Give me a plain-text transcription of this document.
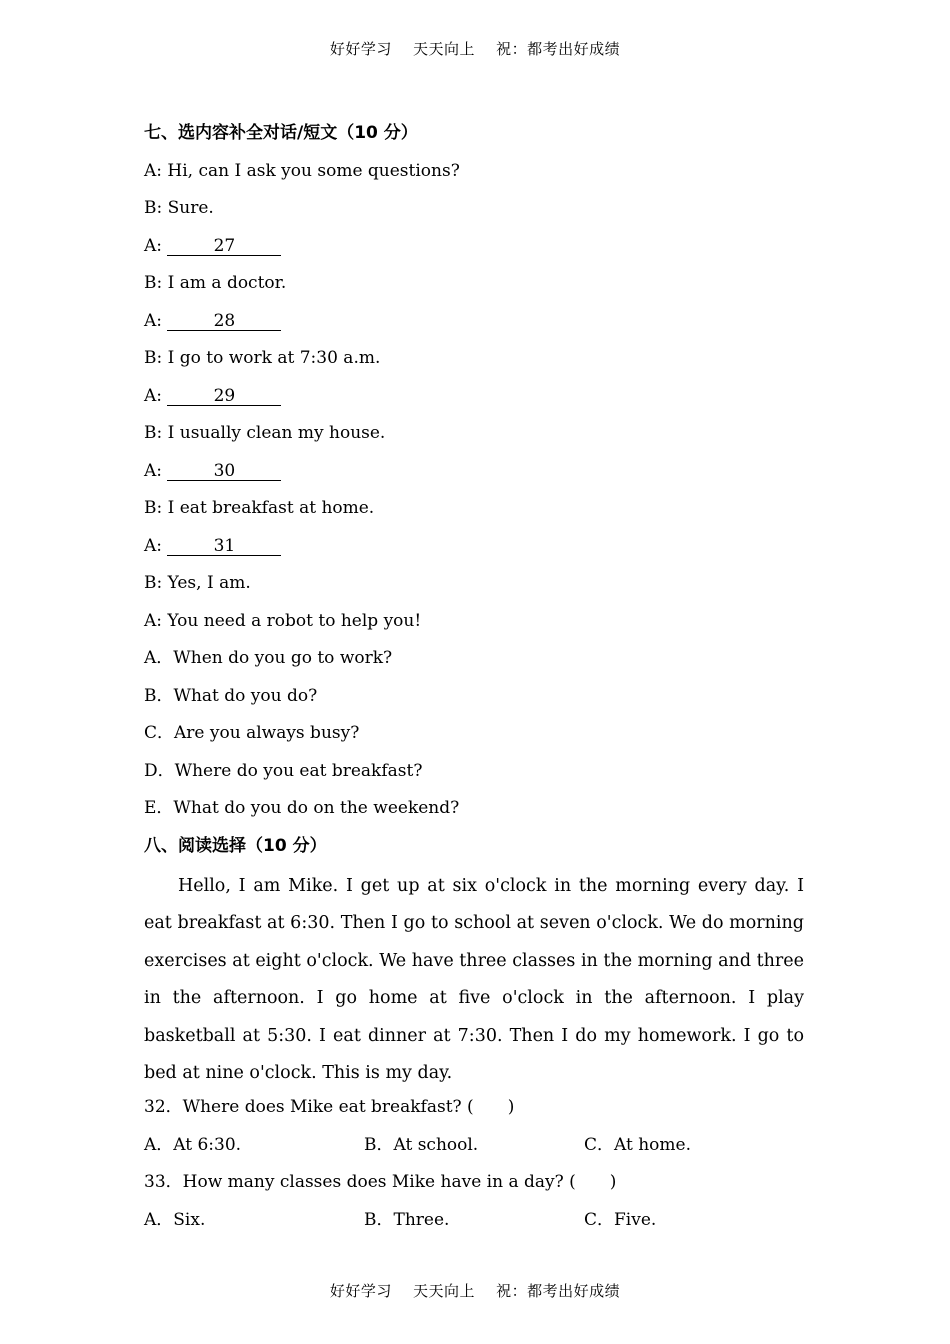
好好学习    天天向上    祝：都考出好成绩
七、选内容补全对话/短文（10 分）
A: Hi, can I ask you some questions?
B: Sure.
A:	27
B: I am a doctor.
A:	28
B: I go to work at 7:30 a.m.
A:	29
B: I usually clean my house.
A:	30
B: I eat breakfast at home.
A:	31
B: Yes, I am.
A: You need a robot to help you!
A．When do you go to work?
B．What do you do?
C．Are you always busy?
D．Where do you eat breakfast?
E．What do you do on the weekend?
八、阅读选择（10 分）
Hello, I am Mike. I get up at six o'clock in the morning every day. I eat breakfast at 6:30. Then I go to school at seven o'clock. We do morning exercises at eight o'clock. We have three classes in the morning and three in the afternoon. I go home at five o'clock in the afternoon. I play basketball at 5:30. I eat dinner at 7:30. Then I do my homework. I go to bed at nine o'clock. This is my day.
32．Where does Mike eat breakfast? (　　)
A．At 6:30.	B．At school.	C．At home.
33．How many classes does Mike have in a day? (　　)
A．Six.	B．Three.	C．Five.
好好学习    天天向上    祝：都考出好成绩
